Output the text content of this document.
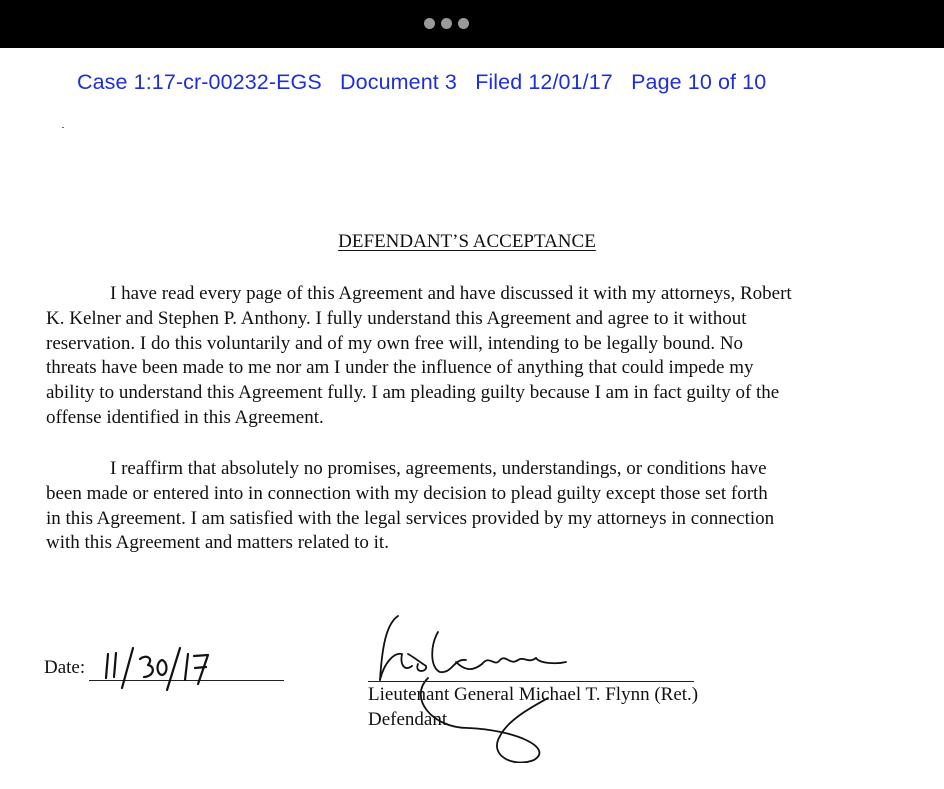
Case 1:17-cr-00232-EGS Document 3 Filed 12/01/17 Page 10 of 10
DEFENDANT’S ACCEPTANCE
I have read every page of this Agreement and have discussed it with my attorneys, Robert
K. Kelner and Stephen P. Anthony. I fully understand this Agreement and agree to it without
reservation. I do this voluntarily and of my own free will, intending to be legally bound. No
threats have been made to me nor am I under the influence of anything that could impede my
ability to understand this Agreement fully. I am pleading guilty because I am in fact guilty of the
offense identified in this Agreement.
I reaffirm that absolutely no promises, agreements, understandings, or conditions have
been made or entered into in connection with my decision to plead guilty except those set forth
in this Agreement. I am satisfied with the legal services provided by my attorneys in connection
with this Agreement and matters related to it.
Date:
Lieutenant General Michael T. Flynn (Ret.)
Defendant
